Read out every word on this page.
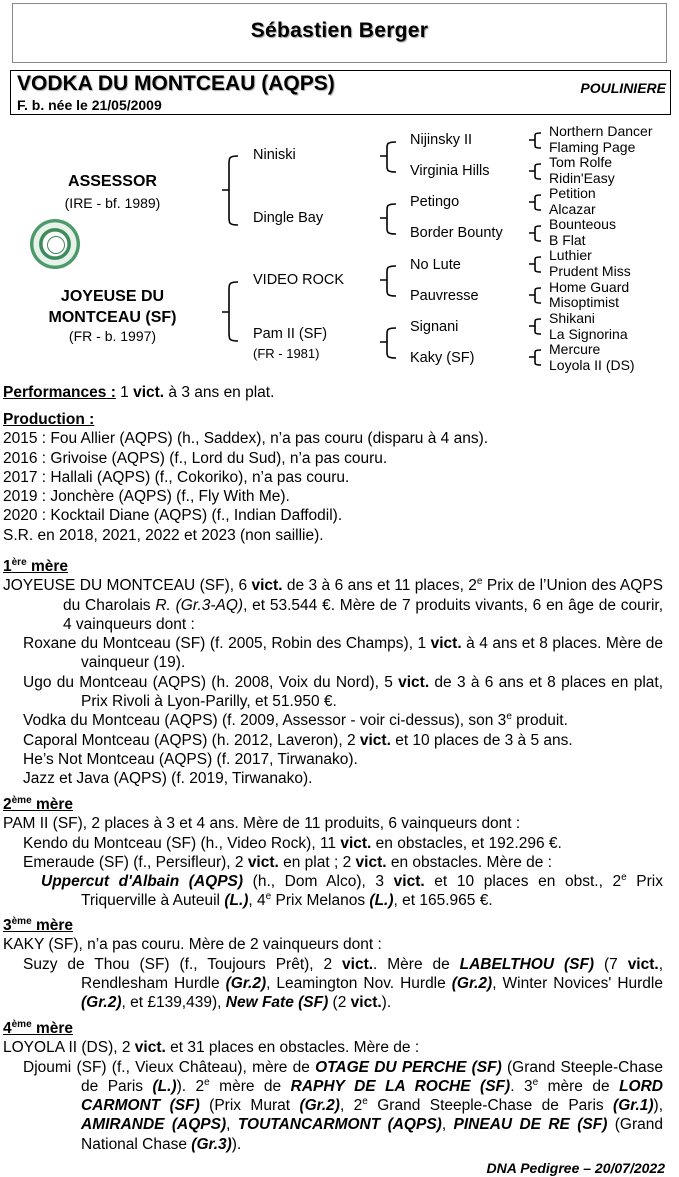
Sébastien Berger
VODKA DU MONTCEAU (AQPS)	POULINIERE
F. b. née le 21/05/2009
ASSESSOR
(IRE - bf. 1989)
JOYEUSE DU
MONTCEAU (SF)
(FR - b. 1997)
Niniski
Dingle Bay
VIDEO ROCK
Pam II (SF)
(FR - 1981)
Nijinsky II
Virginia Hills
Petingo
Border Bounty
No Lute
Pauvresse
Signani
Kaky (SF)
Northern Dancer
Flaming Page
Tom Rolfe
Ridin'Easy
Petition
Alcazar
Bounteous
B Flat
Luthier
Prudent Miss
Home Guard
Misoptimist
Shikani
La Signorina
Mercure
Loyola II (DS)
Performances : 1 vict. à 3 ans en plat.

Production :

2015 : Fou Allier (AQPS) (h., Saddex), n’a pas couru (disparu à 4 ans).

2016 : Grivoise (AQPS) (f., Lord du Sud), n’a pas couru.

2017 : Hallali (AQPS) (f., Cokoriko), n’a pas couru.

2019 : Jonchère (AQPS) (f., Fly With Me).

2020 : Kocktail Diane (AQPS) (f., Indian Daffodil).

S.R. en 2018, 2021, 2022 et 2023 (non saillie).

1ère mère

JOYEUSE DU MONTCEAU (SF), 6 vict. de 3 à 6 ans et 11 places, 2e Prix de l’Union des AQPS du Charolais R. (Gr.3-AQ), et 53.544 €. Mère de 7 produits vivants, 6 en âge de courir, 4 vainqueurs dont :

Roxane du Montceau (SF) (f. 2005, Robin des Champs), 1 vict. à 4 ans et 8 places. Mère de vainqueur (19).

Ugo du Montceau (AQPS) (h. 2008, Voix du Nord), 5 vict. de 3 à 6 ans et 8 places en plat, Prix Rivoli à Lyon-Parilly, et 51.950 €.

Vodka du Montceau (AQPS) (f. 2009, Assessor - voir ci-dessus), son 3e produit.

Caporal Montceau (AQPS) (h. 2012, Laveron), 2 vict. et 10 places de 3 à 5 ans.

He’s Not Montceau (AQPS) (f. 2017, Tirwanako).

Jazz et Java (AQPS) (f. 2019, Tirwanako).

2ème mère

PAM II (SF), 2 places à 3 et 4 ans. Mère de 11 produits, 6 vainqueurs dont :

Kendo du Montceau (SF) (h., Video Rock), 11 vict. en obstacles, et 192.296 €.

Emeraude (SF) (f., Persifleur), 2 vict. en plat ; 2 vict. en obstacles. Mère de :

Uppercut d'Albain (AQPS) (h., Dom Alco), 3 vict. et 10 places en obst., 2e Prix Triquerville à Auteuil (L.), 4e Prix Melanos (L.), et 165.965 €.

3ème mère

KAKY (SF), n’a pas couru. Mère de 2 vainqueurs dont :

Suzy de Thou (SF) (f., Toujours Prêt), 2 vict.. Mère de LABELTHOU (SF) (7 vict., Rendlesham Hurdle (Gr.2), Leamington Nov. Hurdle (Gr.2), Winter Novices' Hurdle (Gr.2), et £139,439), New Fate (SF) (2 vict.).

4ème mère

LOYOLA II (DS), 2 vict. et 31 places en obstacles. Mère de :

Djoumi (SF) (f., Vieux Château), mère de OTAGE DU PERCHE (SF) (Grand Steeple-Chase de Paris (L.)). 2e mère de RAPHY DE LA ROCHE (SF). 3e mère de LORD CARMONT (SF) (Prix Murat (Gr.2), 2e Grand Steeple-Chase de Paris (Gr.1)), AMIRANDE (AQPS), TOUTANCARMONT (AQPS), PINEAU DE RE (SF) (Grand National Chase (Gr.3)).

DNA Pedigree – 20/07/2022
